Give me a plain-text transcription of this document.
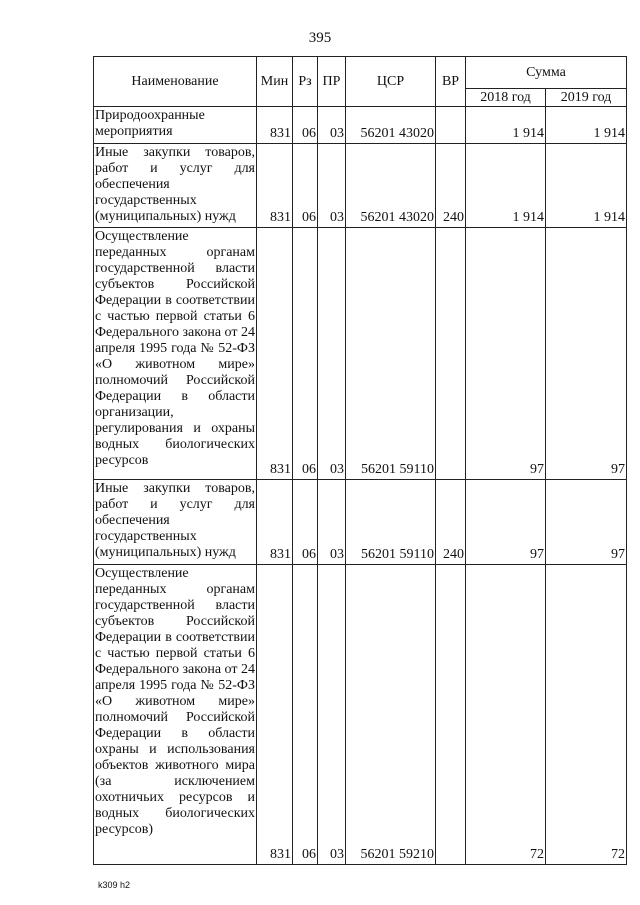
395
Наименование	Мин	Рз	ПР	ЦСР	ВР	Сумма	
						2018 год	2019 год
Природоохранные мероприятия	831	06	03	56201 43020		1 914	1 914
Иные закупки товаров, работ и услуг для обеспечения государственных (муниципальных) нужд	831	06	03	56201 43020	240	1 914	1 914
Осуществление переданных органам государственной власти субъектов Российской Федерации в соответствии с частью первой статьи 6 Федерального закона от 24 апреля 1995 года № 52-ФЗ «О животном мире» полномочий Российской Федерации в области организации, регулирования и охраны водных биологических ресурсов	831	06	03	56201 59110		97	97
Иные закупки товаров, работ и услуг для обеспечения государственных (муниципальных) нужд	831	06	03	56201 59110	240	97	97
Осуществление переданных органам государственной власти субъектов Российской Федерации в соответствии с частью первой статьи 6 Федерального закона от 24 апреля 1995 года № 52-ФЗ «О животном мире» полномочий Российской Федерации в области охраны и использования объектов животного мира (за исключением охотничьих ресурсов и водных биологических ресурсов)	831	06	03	56201 59210		72	72
k309 h2
